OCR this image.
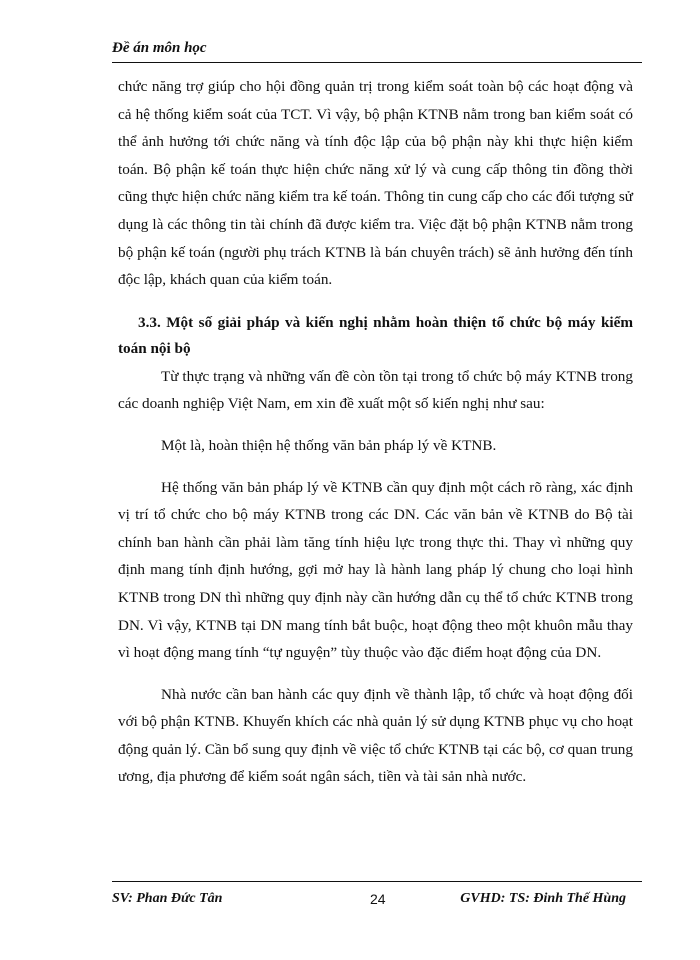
Đề án môn học

chức năng trợ giúp cho hội đồng quản trị trong kiểm soát toàn bộ các hoạt động và cả hệ thống kiểm soát của TCT. Vì vậy, bộ phận KTNB nằm trong ban kiểm soát có thể ảnh hưởng tới chức năng và tính độc lập của bộ phận này khi thực hiện kiểm toán. Bộ phận kế toán thực hiện chức năng xử lý và cung cấp thông tin đồng thời cũng thực hiện chức năng kiểm tra kế toán. Thông tin cung cấp cho các đối tượng sử dụng là các thông tin tài chính đã được kiểm tra. Việc đặt bộ phận KTNB nằm trong bộ phận kế toán (người phụ trách KTNB là bán chuyên trách) sẽ ảnh hưởng đến tính độc lập, khách quan của kiểm toán.

3.3. Một số giải pháp và kiến nghị nhằm hoàn thiện tổ chức bộ máy kiểm toán nội bộ

Từ thực trạng và những vấn đề còn tồn tại trong tổ chức bộ máy KTNB trong các doanh nghiệp Việt Nam, em xin đề xuất một số kiến nghị như sau:

Một là, hoàn thiện hệ thống văn bản pháp lý về KTNB.

Hệ thống văn bản pháp lý về KTNB cần quy định một cách rõ ràng, xác định vị trí tổ chức cho bộ máy KTNB trong các DN. Các văn bản về KTNB do Bộ tài chính ban hành cần phải làm tăng tính hiệu lực trong thực thi. Thay vì những quy định mang tính định hướng, gợi mở hay là hành lang pháp lý chung cho loại hình KTNB trong DN thì những quy định này cần hướng dẫn cụ thể tổ chức KTNB trong DN. Vì vậy, KTNB tại DN mang tính bắt buộc, hoạt động theo một khuôn mẫu thay vì hoạt động mang tính “tự nguyện” tùy thuộc vào đặc điểm hoạt động của DN.

Nhà nước cần ban hành các quy định về thành lập, tổ chức và hoạt động đối với bộ phận KTNB. Khuyến khích các nhà quản lý sử dụng KTNB phục vụ cho hoạt động quản lý. Cần bổ sung quy định về việc tổ chức KTNB tại các bộ, cơ quan trung ương, địa phương để kiểm soát ngân sách, tiền và tài sản nhà nước.

SV: Phan Đức Tân	24	GVHD: TS: Đinh Thế Hùng
